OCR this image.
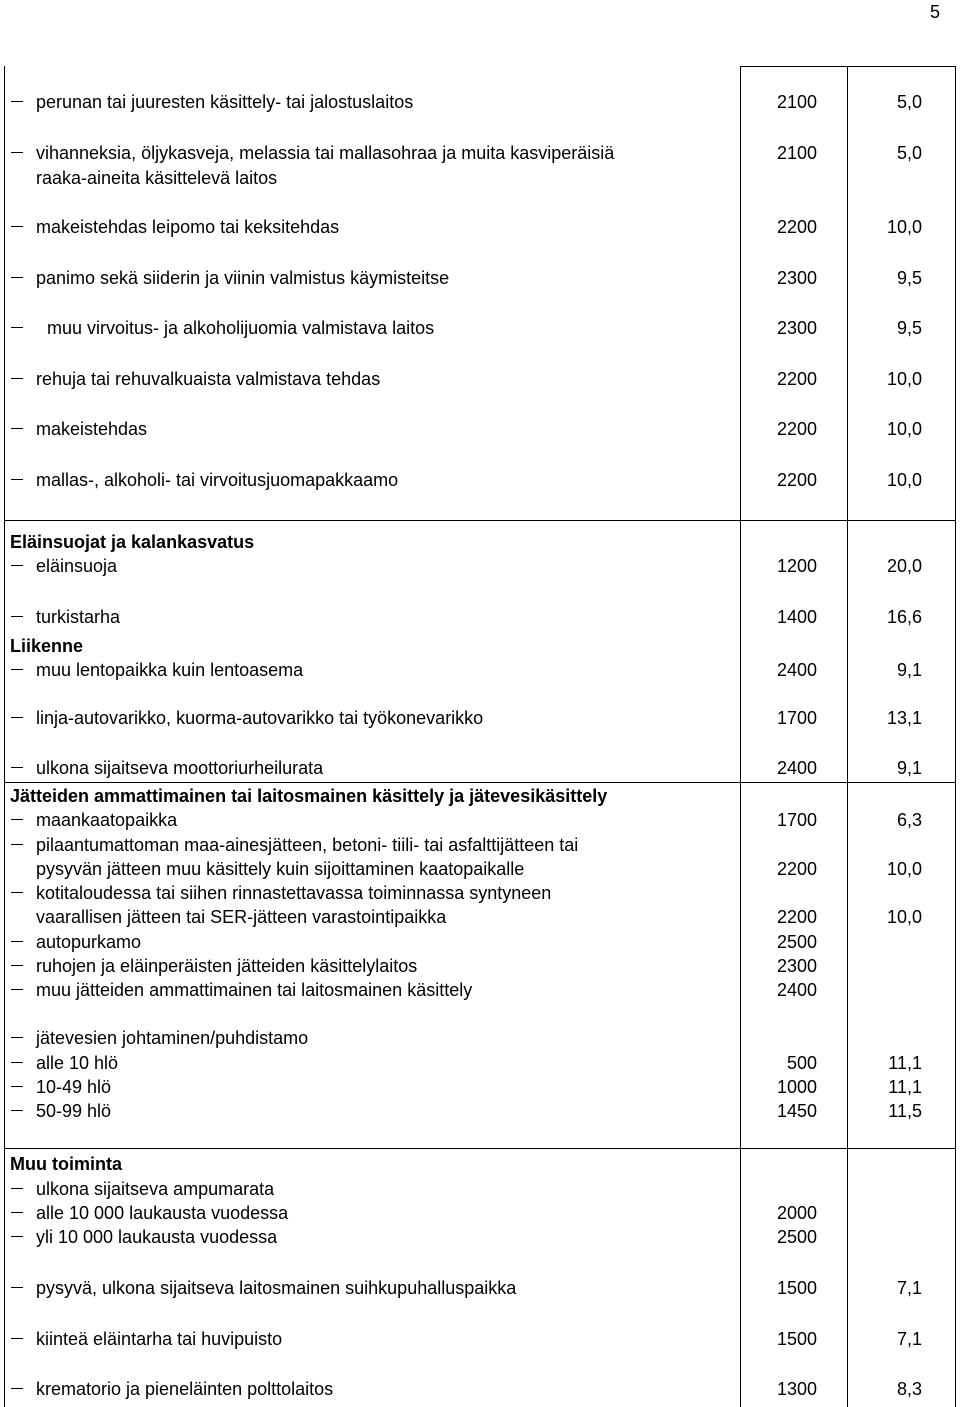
5
perunan tai juuresten käsittely- tai jalostuslaitos	2100	5,0
vihanneksia, öljykasveja, melassia tai mallasohraa ja muita kasviperäisiä	2100	5,0
raaka-aineita käsittelevä laitos
makeistehdas leipomo tai keksitehdas	2200	10,0
panimo sekä siiderin ja viinin valmistus käymisteitse	2300	9,5
muu virvoitus- ja alkoholijuomia valmistava laitos	2300	9,5
rehuja tai rehuvalkuaista valmistava tehdas	2200	10,0
makeistehdas	2200	10,0
mallas-, alkoholi- tai virvoitusjuomapakkaamo	2200	10,0
Eläinsuojat ja kalankasvatus
eläinsuoja	1200	20,0
turkistarha	1400	16,6
Liikenne
muu lentopaikka kuin lentoasema	2400	9,1
linja-autovarikko, kuorma-autovarikko tai työkonevarikko	1700	13,1
ulkona sijaitseva moottoriurheilurata	2400	9,1
Jätteiden ammattimainen tai laitosmainen käsittely ja jätevesikäsittely
maankaatopaikka	1700	6,3
pilaantumattoman maa-ainesjätteen, betoni- tiili- tai asfalttijätteen tai
pysyvän jätteen muu käsittely kuin sijoittaminen kaatopaikalle	2200	10,0
kotitaloudessa tai siihen rinnastettavassa toiminnassa syntyneen
vaarallisen jätteen tai SER-jätteen varastointipaikka	2200	10,0
autopurkamo	2500
ruhojen ja eläinperäisten jätteiden käsittelylaitos	2300
muu jätteiden ammattimainen tai laitosmainen käsittely	2400
jätevesien johtaminen/puhdistamo
alle 10 hlö	500	11,1
10-49 hlö	1000	11,1
50-99 hlö	1450	11,5
Muu toiminta
ulkona sijaitseva ampumarata
alle 10 000 laukausta vuodessa	2000
yli 10 000 laukausta vuodessa	2500
pysyvä, ulkona sijaitseva laitosmainen suihkupuhalluspaikka	1500	7,1
kiinteä eläintarha tai huvipuisto	1500	7,1
krematorio ja pieneläinten polttolaitos	1300	8,3
